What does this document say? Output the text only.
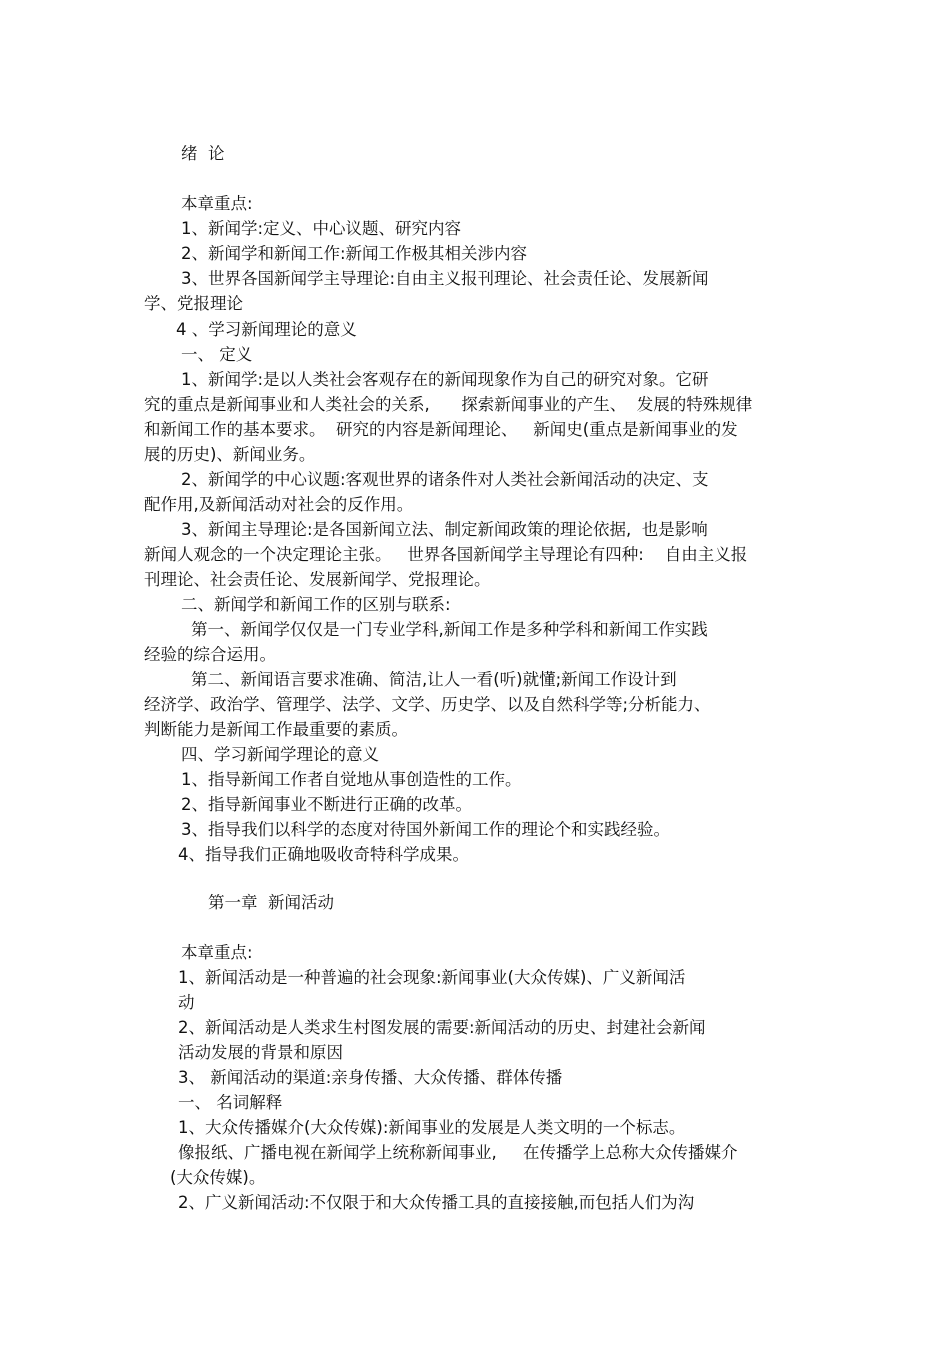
绪  论
本章重点:
1、新闻学:定义、中心议题、研究内容
2、新闻学和新闻工作:新闻工作极其相关涉内容
3、世界各国新闻学主导理论:自由主义报刊理论、社会责任论、发展新闻
学、党报理论
4 、学习新闻理论的意义
一、 定义
1、新闻学:是以人类社会客观存在的新闻现象作为自己的研究对象。它研
究的重点是新闻事业和人类社会的关系,      探索新闻事业的产生、  发展的特殊规律
和新闻工作的基本要求。  研究的内容是新闻理论、   新闻史(重点是新闻事业的发
展的历史)、新闻业务。
2、新闻学的中心议题:客观世界的诸条件对人类社会新闻活动的决定、支
配作用,及新闻活动对社会的反作用。
3、新闻主导理论:是各国新闻立法、制定新闻政策的理论依据,  也是影响
新闻人观念的一个决定理论主张。   世界各国新闻学主导理论有四种:    自由主义报
刊理论、社会责任论、发展新闻学、党报理论。
二、新闻学和新闻工作的区别与联系:
第一、新闻学仅仅是一门专业学科,新闻工作是多种学科和新闻工作实践
经验的综合运用。
第二、新闻语言要求准确、简洁,让人一看(听)就懂;新闻工作设计到
经济学、政治学、管理学、法学、文学、历史学、以及自然科学等;分析能力、
判断能力是新闻工作最重要的素质。
四、学习新闻学理论的意义
1、指导新闻工作者自觉地从事创造性的工作。
2、指导新闻事业不断进行正确的改革。
3、指导我们以科学的态度对待国外新闻工作的理论个和实践经验。
4、指导我们正确地吸收奇特科学成果。
第一章  新闻活动
本章重点:
1、新闻活动是一种普遍的社会现象:新闻事业(大众传媒)、广义新闻活
动
2、新闻活动是人类求生村图发展的需要:新闻活动的历史、封建社会新闻
活动发展的背景和原因
3、 新闻活动的渠道:亲身传播、大众传播、群体传播
一、 名词解释
1、大众传播媒介(大众传媒):新闻事业的发展是人类文明的一个标志。
像报纸、广播电视在新闻学上统称新闻事业,     在传播学上总称大众传播媒介
(大众传媒)。
2、广义新闻活动:不仅限于和大众传播工具的直接接触,而包括人们为沟
